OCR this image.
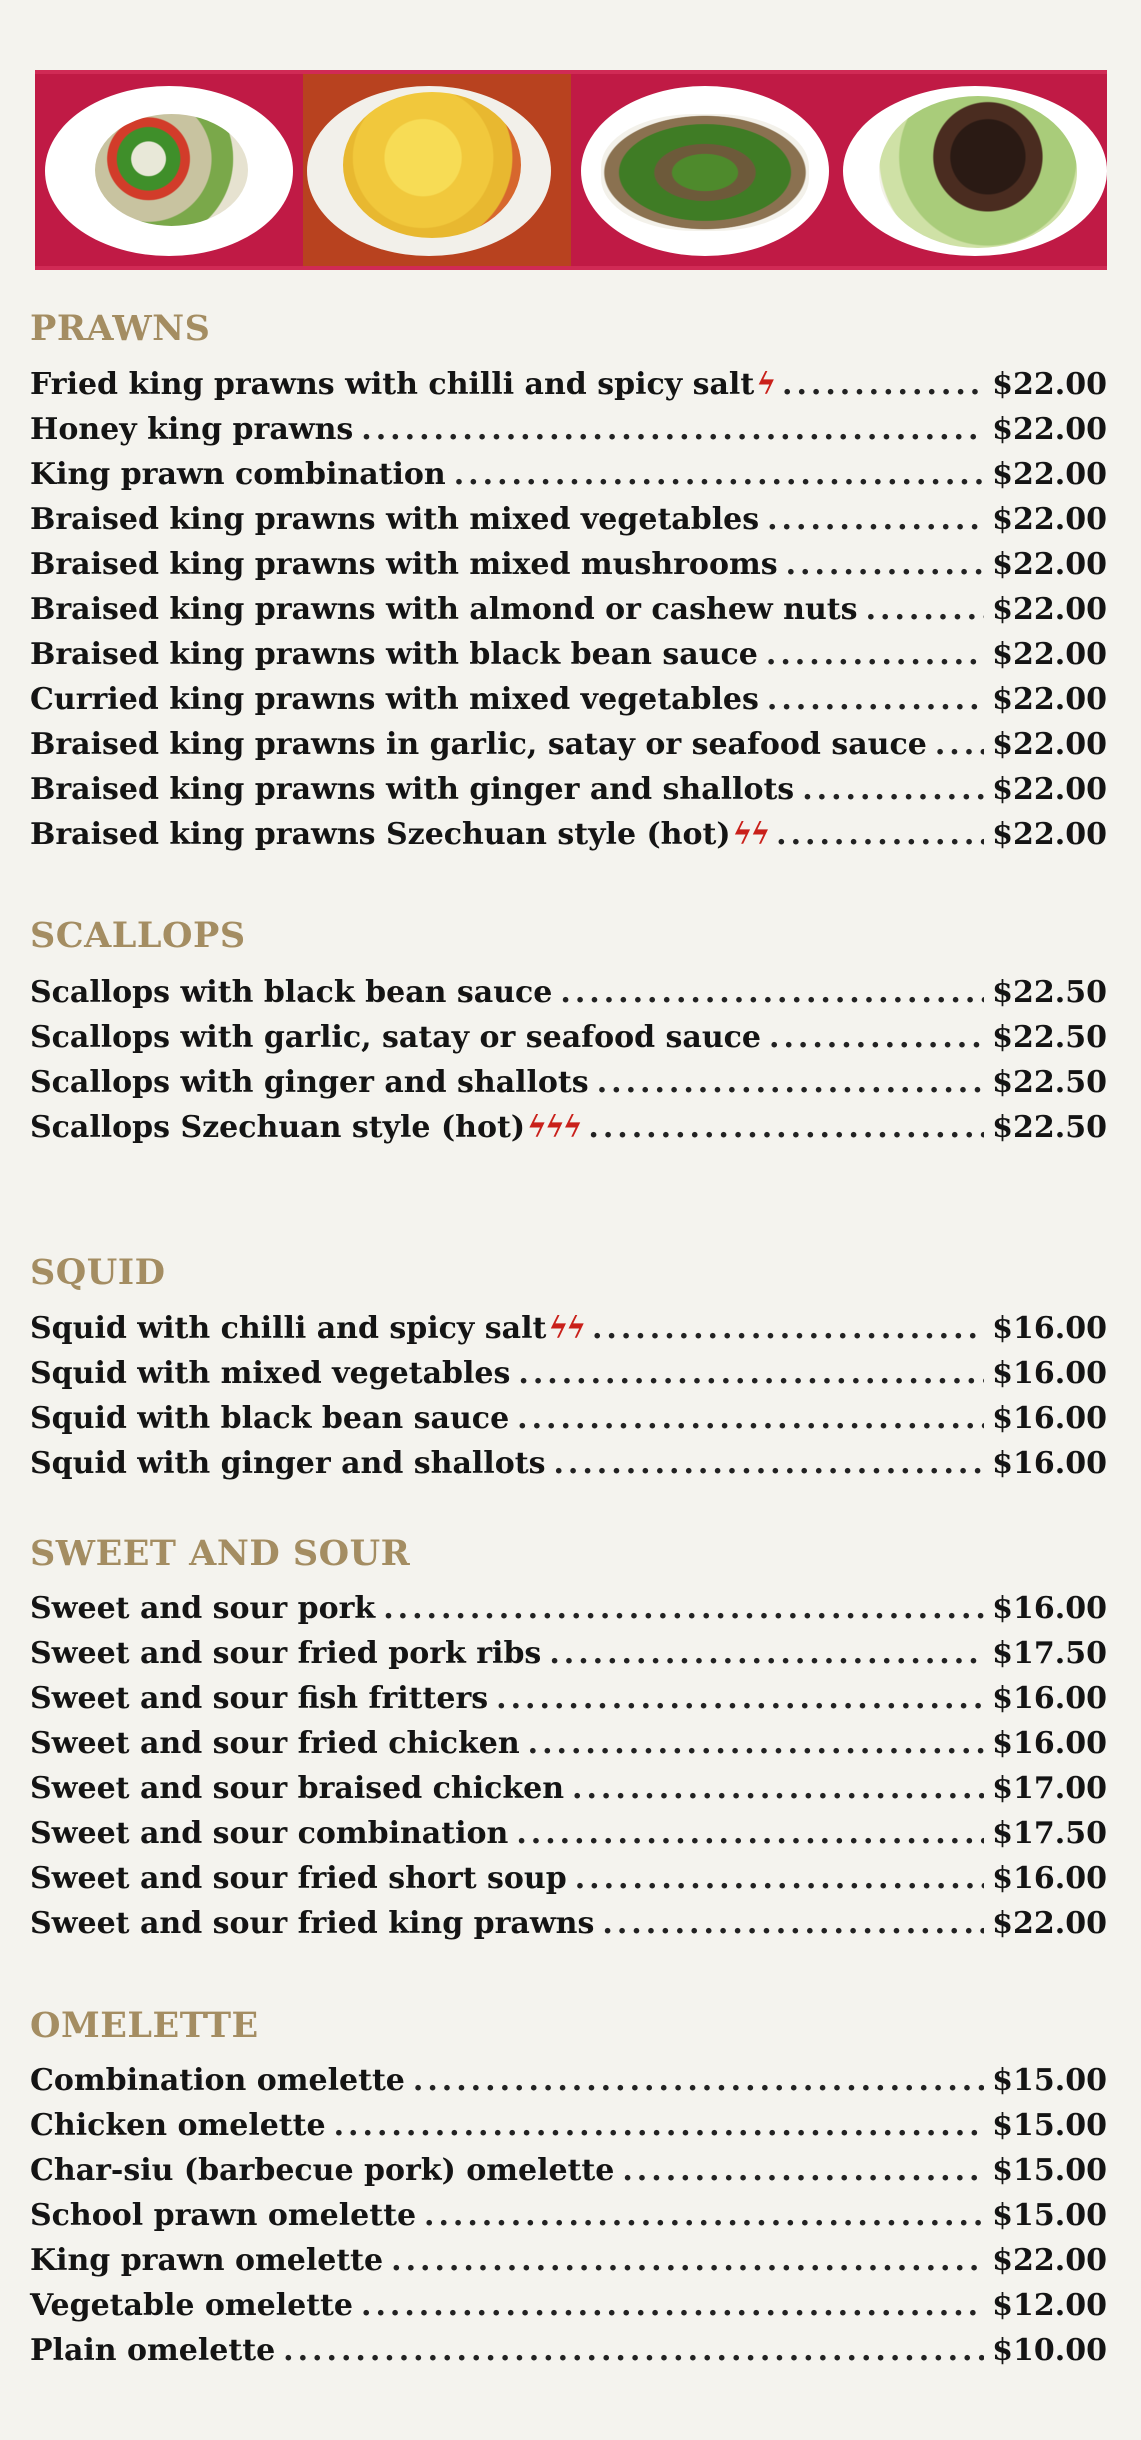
PRAWNS
Fried king prawns with chilli and spicy salt ϟ .....	$22.00
Honey king prawns .....	$22.00
King prawn combination .....	$22.00
Braised king prawns with mixed vegetables .....	$22.00
Braised king prawns with mixed mushrooms .....	$22.00
Braised king prawns with almond or cashew nuts .....	$22.00
Braised king prawns with black bean sauce .....	$22.00
Curried king prawns with mixed vegetables .....	$22.00
Braised king prawns in garlic, satay or seafood sauce ..... $22.00
Braised king prawns with ginger and shallots .....	$22.00
Braised king prawns Szechuan style (hot) ϟϟ .....	$22.00
SCALLOPS
Scallops with black bean sauce .....	$22.50
Scallops with garlic, satay or seafood sauce .....	$22.50
Scallops with ginger and shallots .....	$22.50
Scallops Szechuan style (hot) ϟϟϟ .....	$22.50
SQUID
Squid with chilli and spicy salt ϟϟ .....	$16.00
Squid with mixed vegetables .....	$16.00
Squid with black bean sauce .....	$16.00
Squid with ginger and shallots .....	$16.00
SWEET AND SOUR
Sweet and sour pork .....	$16.00
Sweet and sour fried pork ribs .....	$17.50
Sweet and sour fish fritters .....	$16.00
Sweet and sour fried chicken .....	$16.00
Sweet and sour braised chicken .....	$17.00
Sweet and sour combination .....	$17.50
Sweet and sour fried short soup .....	$16.00
Sweet and sour fried king prawns .....	$22.00
OMELETTE
Combination omelette .....	$15.00
Chicken omelette .....	$15.00
Char-siu (barbecue pork) omelette .....	$15.00
School prawn omelette .....	$15.00
King prawn omelette .....	$22.00
Vegetable omelette .....	$12.00
Plain omelette .....	$10.00
